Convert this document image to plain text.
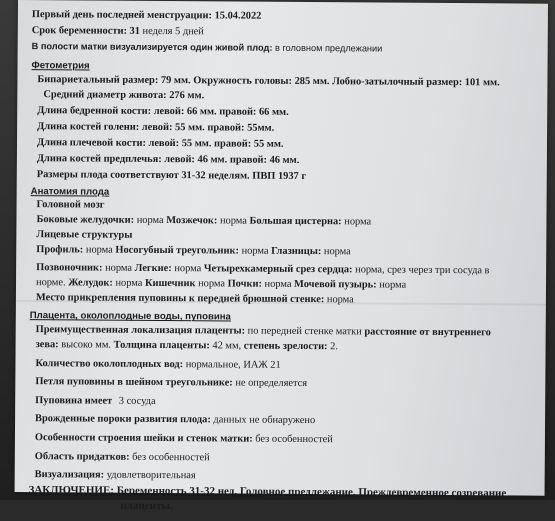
Первый день последней менструации: 15.04.2022
Срок беременности: 31 неделя 5 дней
В полости матки визуализируется один живой плод: в головном предлежании
Фетометрия
Бипариетальный размер: 79 мм. Окружность головы: 285 мм. Лобно-затылочный размер: 101 мм.
Средний диаметр живота: 276 мм.
Длина бедренной кости: левой: 66 мм. правой: 66 мм.
Длина костей голени: левой: 55 мм. правой: 55мм.
Длина плечевой кости: левой: 55 мм. правой: 55 мм.
Длина костей предплечья: левой: 46 мм. правой: 46 мм.
Размеры плода соответствуют 31-32 неделям. ПВП 1937 г
Анатомия плода
Головной мозг
Боковые желудочки: норма Мозжечок: норма Большая цистерна: норма
Лицевые структуры
Профиль: норма Носогубный треугольник: норма Глазницы: норма
Позвоночник: норма Легкие: норма Четырехкамерный срез сердца: норма, срез через три сосуда в
норме. Желудок: норма Кишечник норма Почки: норма Мочевой пузырь: норма
Место прикрепления пуповины к передней брюшной стенке: норма
Плацента, околоплодные воды, пуповина
Преимущественная локализация плаценты: по передней стенке матки расстояние от внутреннего
зева: высоко мм. Толщина плаценты: 42 мм, степень зрелости: 2.
Количество околоплодных вод: нормальное, ИАЖ 21
Петля пуповины в шейном треугольнике: не определяется
Пуповина имеет 3 сосуда
Врожденные пороки развития плода: данных не обнаружено
Особенности строения шейки и стенок матки: без особенностей
Область придатков: без особенностей
Визуализация: удовлетворительная
ЗАКЛЮЧЕНИЕ: Беременность 31-32 нед. Головное предлежание. Преждевременное созревание
плаценты.
